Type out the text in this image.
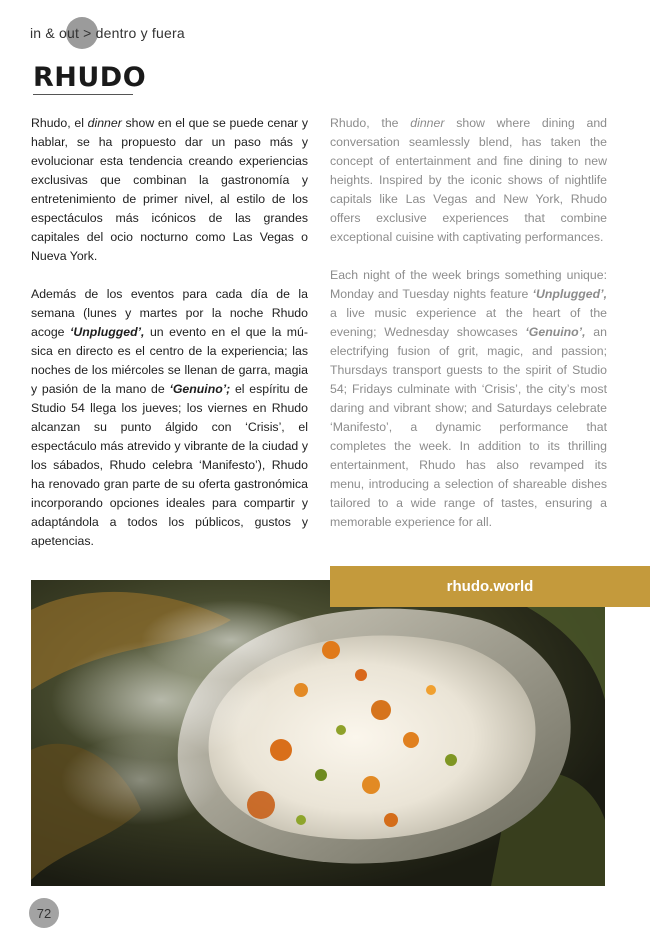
in & out > dentro y fuera
RHUDO

Rhudo, el dinner show en el que se puede cenar y hablar, se ha propuesto dar un paso más y evolucionar esta tendencia creando experiencias exclusivas que combinan la gastronomía y entretenimiento de primer nivel, al estilo de los espectáculos más icónicos de las grandes capitales del ocio nocturno como Las Vegas o Nueva York.

Además de los eventos para cada día de la semana (lunes y martes por la noche Rhudo acoge ‘Unplugged’, un evento en el que la música en directo es el centro de la experiencia; las noches de los miércoles se llenan de garra, magia y pasión de la mano de ‘Genuino’; el espíritu de Studio 54 llega los jueves; los viernes en Rhudo alcanzan su punto álgido con ‘Crisis’, el espectáculo más atrevido y vibrante de la ciudad y los sábados, Rhudo celebra ‘Manifesto’), Rhudo ha renovado gran parte de su oferta gastronómica incorporando opciones ideales para compartir y adaptándola a todos los públicos, gustos y apetencias.

Rhudo, the dinner show where dining and conversation seamlessly blend, has taken the concept of entertainment and fine dining to new heights. Inspired by the iconic shows of nightlife capitals like Las Vegas and New York, Rhudo offers exclusive experiences that combine exceptional cuisine with captivating performances.

Each night of the week brings something unique: Monday and Tuesday nights feature ‘Unplugged’, a live music experience at the heart of the evening; Wednesday showcases ‘Genuino’, an electrifying fusion of grit, magic, and passion; Thursdays transport guests to the spirit of Studio 54; Fridays culminate with ‘Crisis’, the city’s most daring and vibrant show; and Saturdays celebrate ‘Manifesto’, a dynamic performance that completes the week. In addition to its thrilling entertainment, Rhudo has also revamped its menu, introducing a selection of shareable dishes tailored to a wide range of tastes, ensuring a memorable experience for all.

rhudo.world
72
